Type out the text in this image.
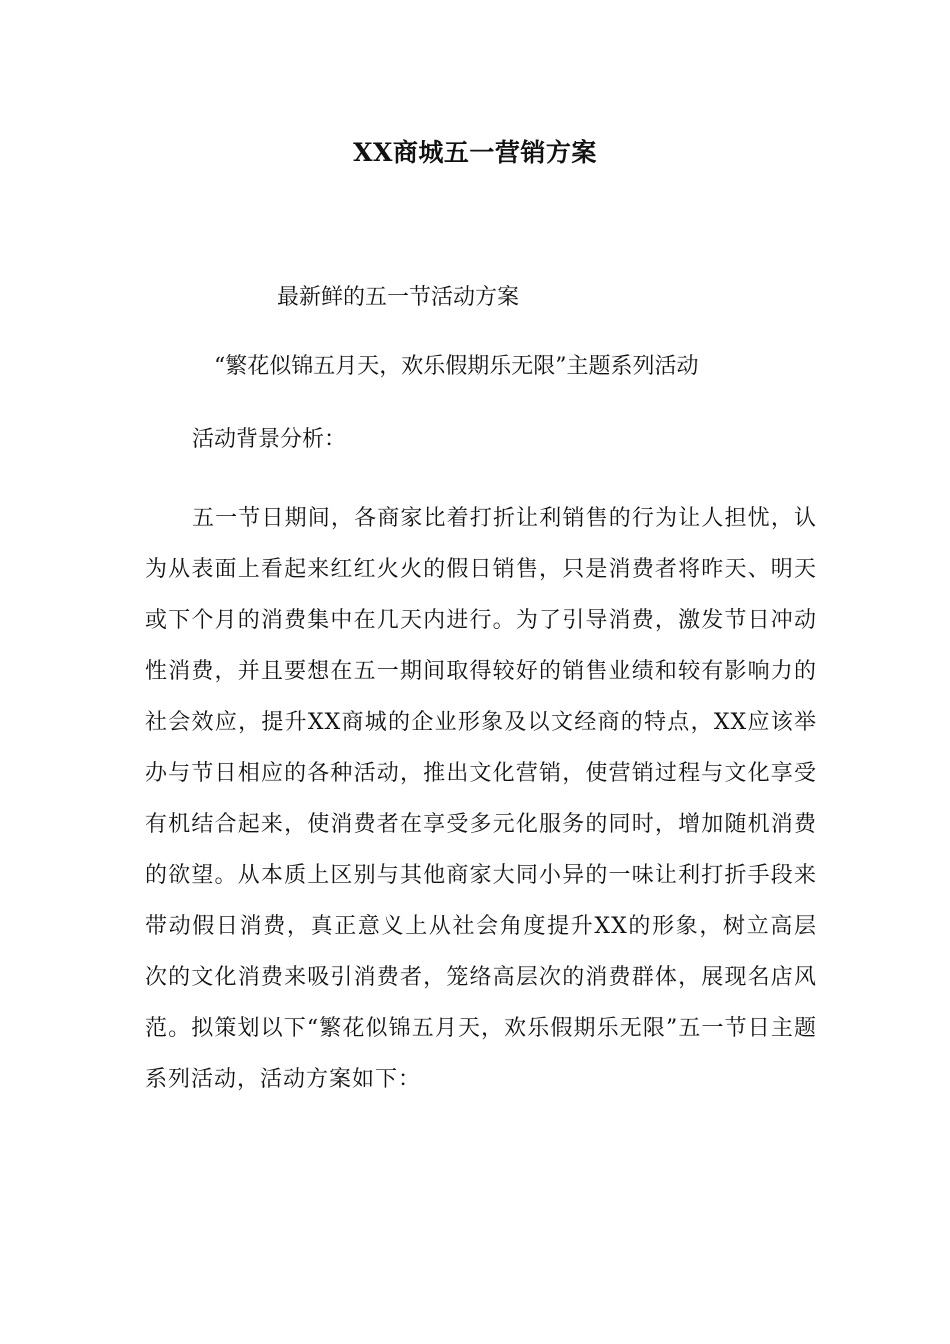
XX商城五一营销方案
最新鲜的五一节活动方案
“繁花似锦五月天，欢乐假期乐无限”主题系列活动
活动背景分析：

五一节日期间，各商家比着打折让利销售的行为让人担忧，认为从表面上看起来红红火火的假日销售，只是消费者将昨天、明天或下个月的消费集中在几天内进行。为了引导消费，激发节日冲动性消费，并且要想在五一期间取得较好的销售业绩和较有影响力的社会效应，提升XX商城的企业形象及以文经商的特点，XX应该举办与节日相应的各种活动，推出文化营销，使营销过程与文化享受有机结合起来，使消费者在享受多元化服务的同时，增加随机消费的欲望。从本质上区别与其他商家大同小异的一味让利打折手段来带动假日消费，真正意义上从社会角度提升XX的形象，树立高层次的文化消费来吸引消费者，笼络高层次的消费群体，展现名店风范。拟策划以下“繁花似锦五月天，欢乐假期乐无限”五一节日主题系列活动，活动方案如下：
